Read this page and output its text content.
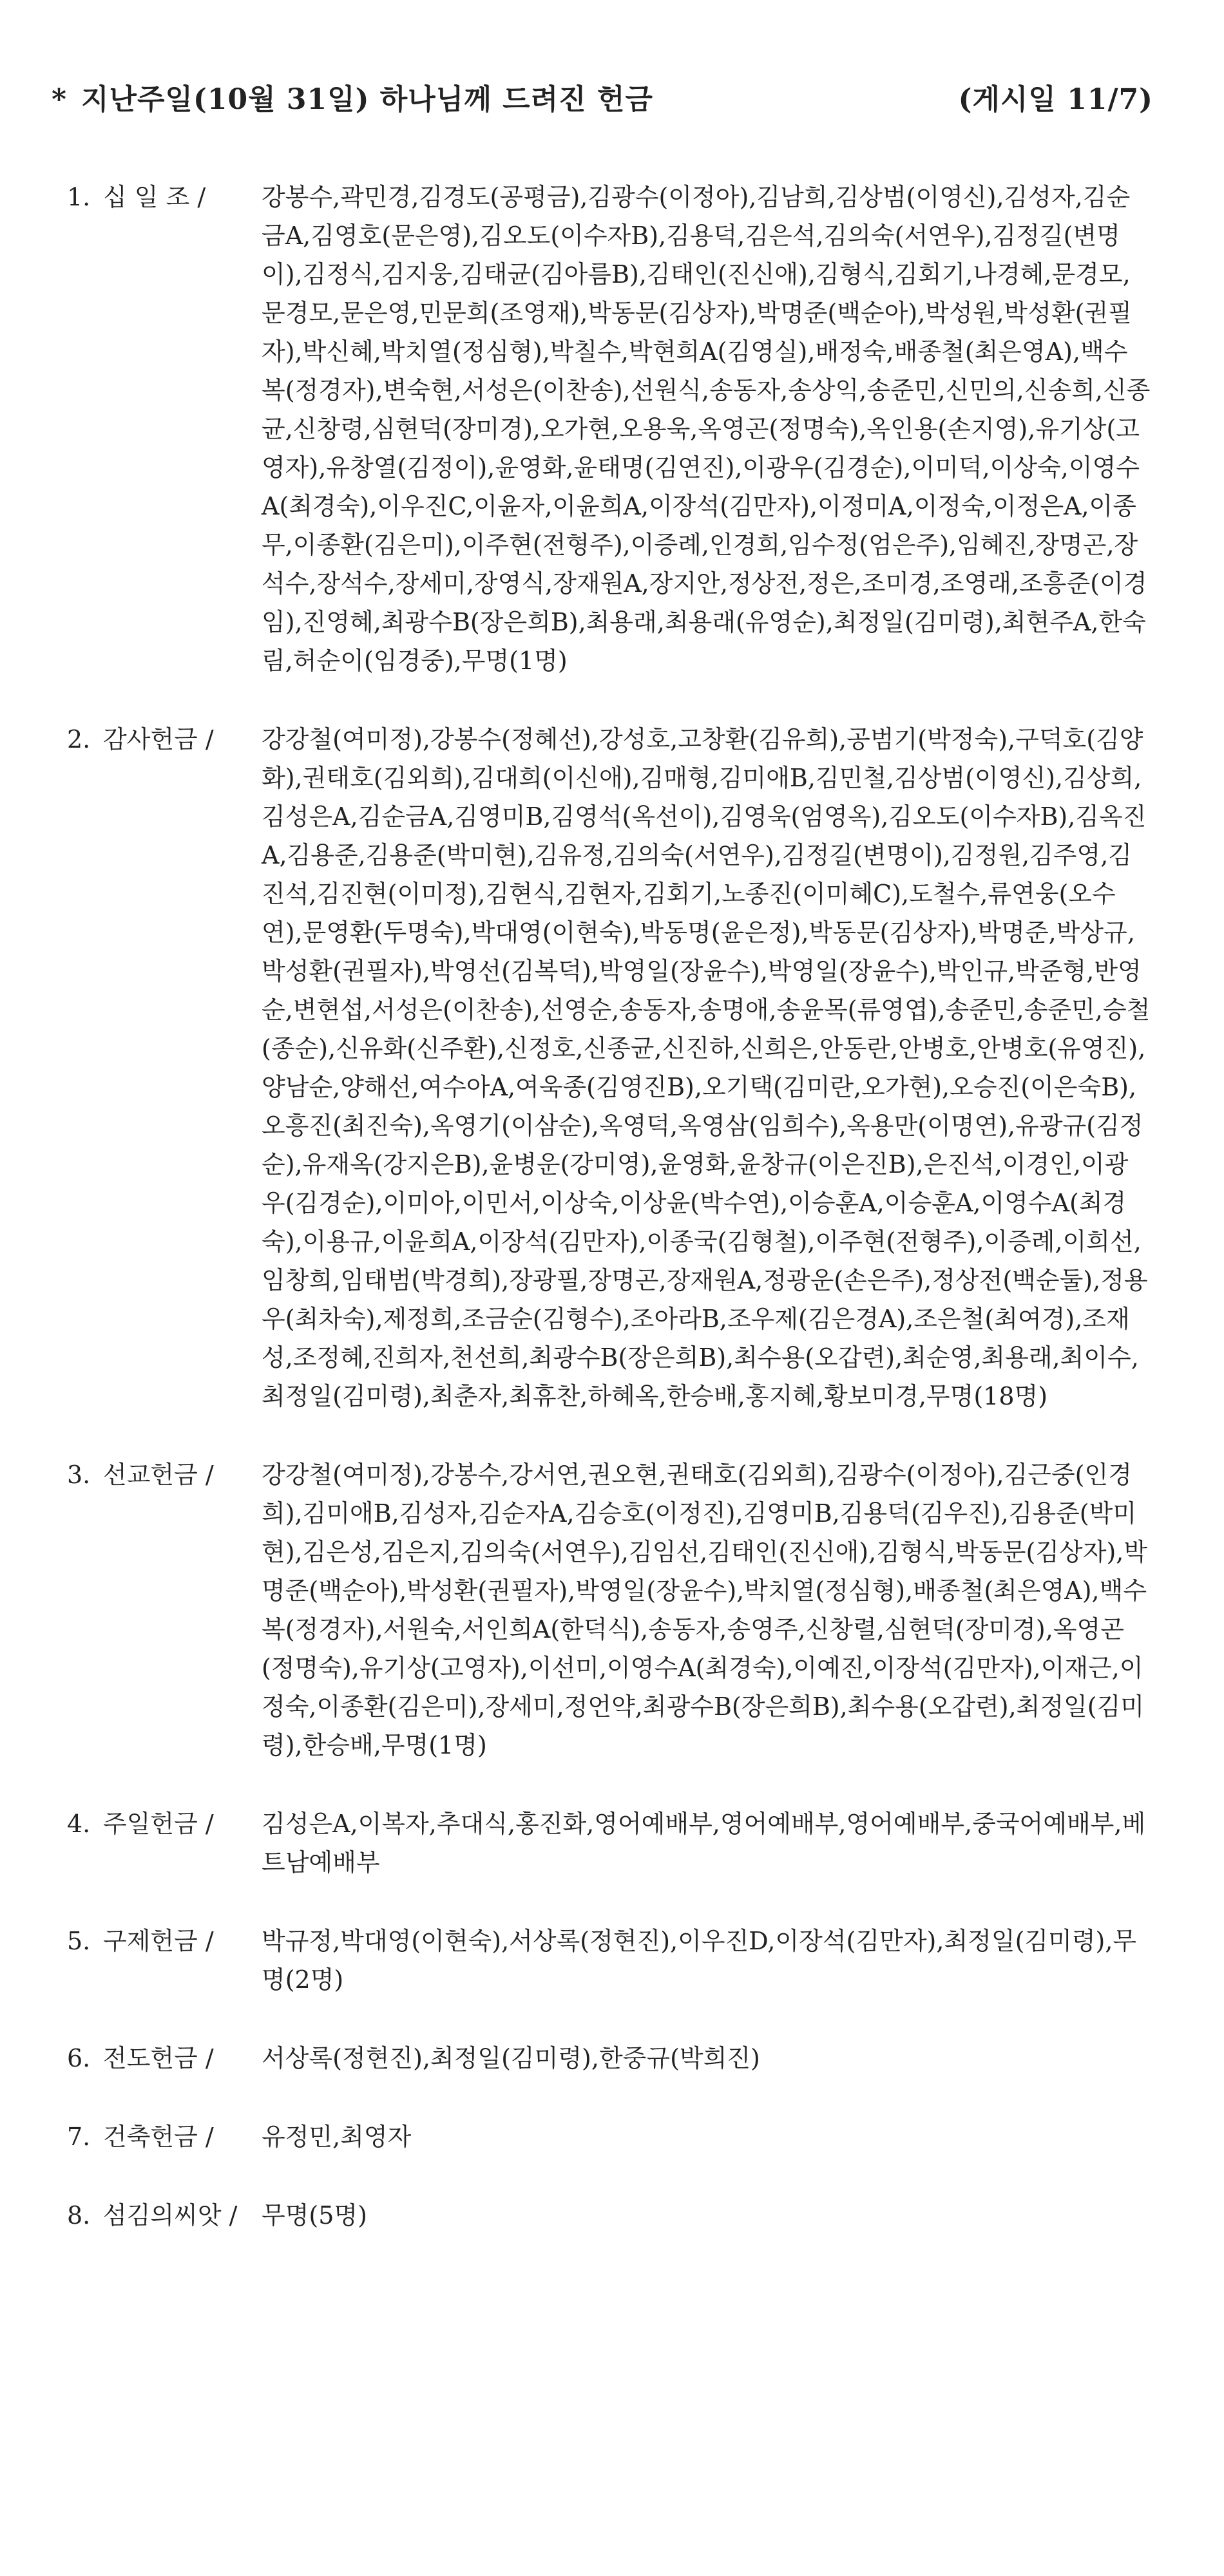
* 지난주일(10월 31일) 하나님께 드려진 헌금	(게시일 11/7)
1. 십 일 조 /	강봉수,곽민경,김경도(공평금),김광수(이정아),김남희,김상범(이영신),김성자,김순금A,김영호(문은영),김오도(이수자B),김용덕,김은석,김의숙(서연우),김정길(변명이),김정식,김지웅,김태균(김아름B),김태인(진신애),김형식,김회기,나경혜,문경모,문경모,문은영,민문희(조영재),박동문(김상자),박명준(백순아),박성원,박성환(권필자),박신혜,박치열(정심형),박칠수,박현희A(김영실),배정숙,배종철(최은영A),백수복(정경자),변숙현,서성은(이찬송),선원식,송동자,송상익,송준민,신민의,신송희,신종균,신창령,심현덕(장미경),오가현,오용욱,옥영곤(정명숙),옥인용(손지영),유기상(고영자),유창열(김정이),윤영화,윤태명(김연진),이광우(김경순),이미덕,이상숙,이영수A(최경숙),이우진C,이윤자,이윤희A,이장석(김만자),이정미A,이정숙,이정은A,이종무,이종환(김은미),이주현(전형주),이증례,인경희,임수정(엄은주),임혜진,장명곤,장석수,장석수,장세미,장영식,장재원A,장지안,정상전,정은,조미경,조영래,조흥준(이경임),진영혜,최광수B(장은희B),최용래,최용래(유영순),최정일(김미령),최현주A,한숙림,허순이(임경중),무명(1명)
2. 감사헌금 /	강강철(여미정),강봉수(정혜선),강성호,고창환(김유희),공범기(박정숙),구덕호(김양화),권태호(김외희),김대희(이신애),김매형,김미애B,김민철,김상범(이영신),김상희,김성은A,김순금A,김영미B,김영석(옥선이),김영욱(엄영옥),김오도(이수자B),김옥진A,김용준,김용준(박미현),김유정,김의숙(서연우),김정길(변명이),김정원,김주영,김진석,김진현(이미정),김현식,김현자,김회기,노종진(이미혜C),도철수,류연웅(오수연),문영환(두명숙),박대영(이현숙),박동명(윤은정),박동문(김상자),박명준,박상규,박성환(권필자),박영선(김복덕),박영일(장윤수),박영일(장윤수),박인규,박준형,반영순,변현섭,서성은(이찬송),선영순,송동자,송명애,송윤목(류영엽),송준민,송준민,승철(종순),신유화(신주환),신정호,신종균,신진하,신희은,안동란,안병호,안병호(유영진),양남순,양해선,여수아A,여욱종(김영진B),오기택(김미란,오가현),오승진(이은숙B),오흥진(최진숙),옥영기(이삼순),옥영덕,옥영삼(임희수),옥용만(이명연),유광규(김정순),유재옥(강지은B),윤병운(강미영),윤영화,윤창규(이은진B),은진석,이경인,이광우(김경순),이미아,이민서,이상숙,이상윤(박수연),이승훈A,이승훈A,이영수A(최경숙),이용규,이윤희A,이장석(김만자),이종국(김형철),이주현(전형주),이증례,이희선,임창희,임태범(박경희),장광필,장명곤,장재원A,정광운(손은주),정상전(백순둘),정용우(최차숙),제정희,조금순(김형수),조아라B,조우제(김은경A),조은철(최여경),조재성,조정혜,진희자,천선희,최광수B(장은희B),최수용(오갑련),최순영,최용래,최이수,최정일(김미령),최춘자,최휴찬,하혜옥,한승배,홍지혜,황보미경,무명(18명)
3. 선교헌금 /	강강철(여미정),강봉수,강서연,권오현,권태호(김외희),김광수(이정아),김근중(인경희),김미애B,김성자,김순자A,김승호(이정진),김영미B,김용덕(김우진),김용준(박미현),김은성,김은지,김의숙(서연우),김임선,김태인(진신애),김형식,박동문(김상자),박명준(백순아),박성환(권필자),박영일(장윤수),박치열(정심형),배종철(최은영A),백수복(정경자),서원숙,서인희A(한덕식),송동자,송영주,신창렬,심현덕(장미경),옥영곤(정명숙),유기상(고영자),이선미,이영수A(최경숙),이예진,이장석(김만자),이재근,이정숙,이종환(김은미),장세미,정언약,최광수B(장은희B),최수용(오갑련),최정일(김미령),한승배,무명(1명)
4. 주일헌금 /	김성은A,이복자,추대식,홍진화,영어예배부,영어예배부,영어예배부,중국어예배부,베트남예배부
5. 구제헌금 /	박규정,박대영(이현숙),서상록(정현진),이우진D,이장석(김만자),최정일(김미령),무명(2명)
6. 전도헌금 /	서상록(정현진),최정일(김미령),한중규(박희진)
7. 건축헌금 /	유정민,최영자
8. 섬김의씨앗 / 무명(5명)
